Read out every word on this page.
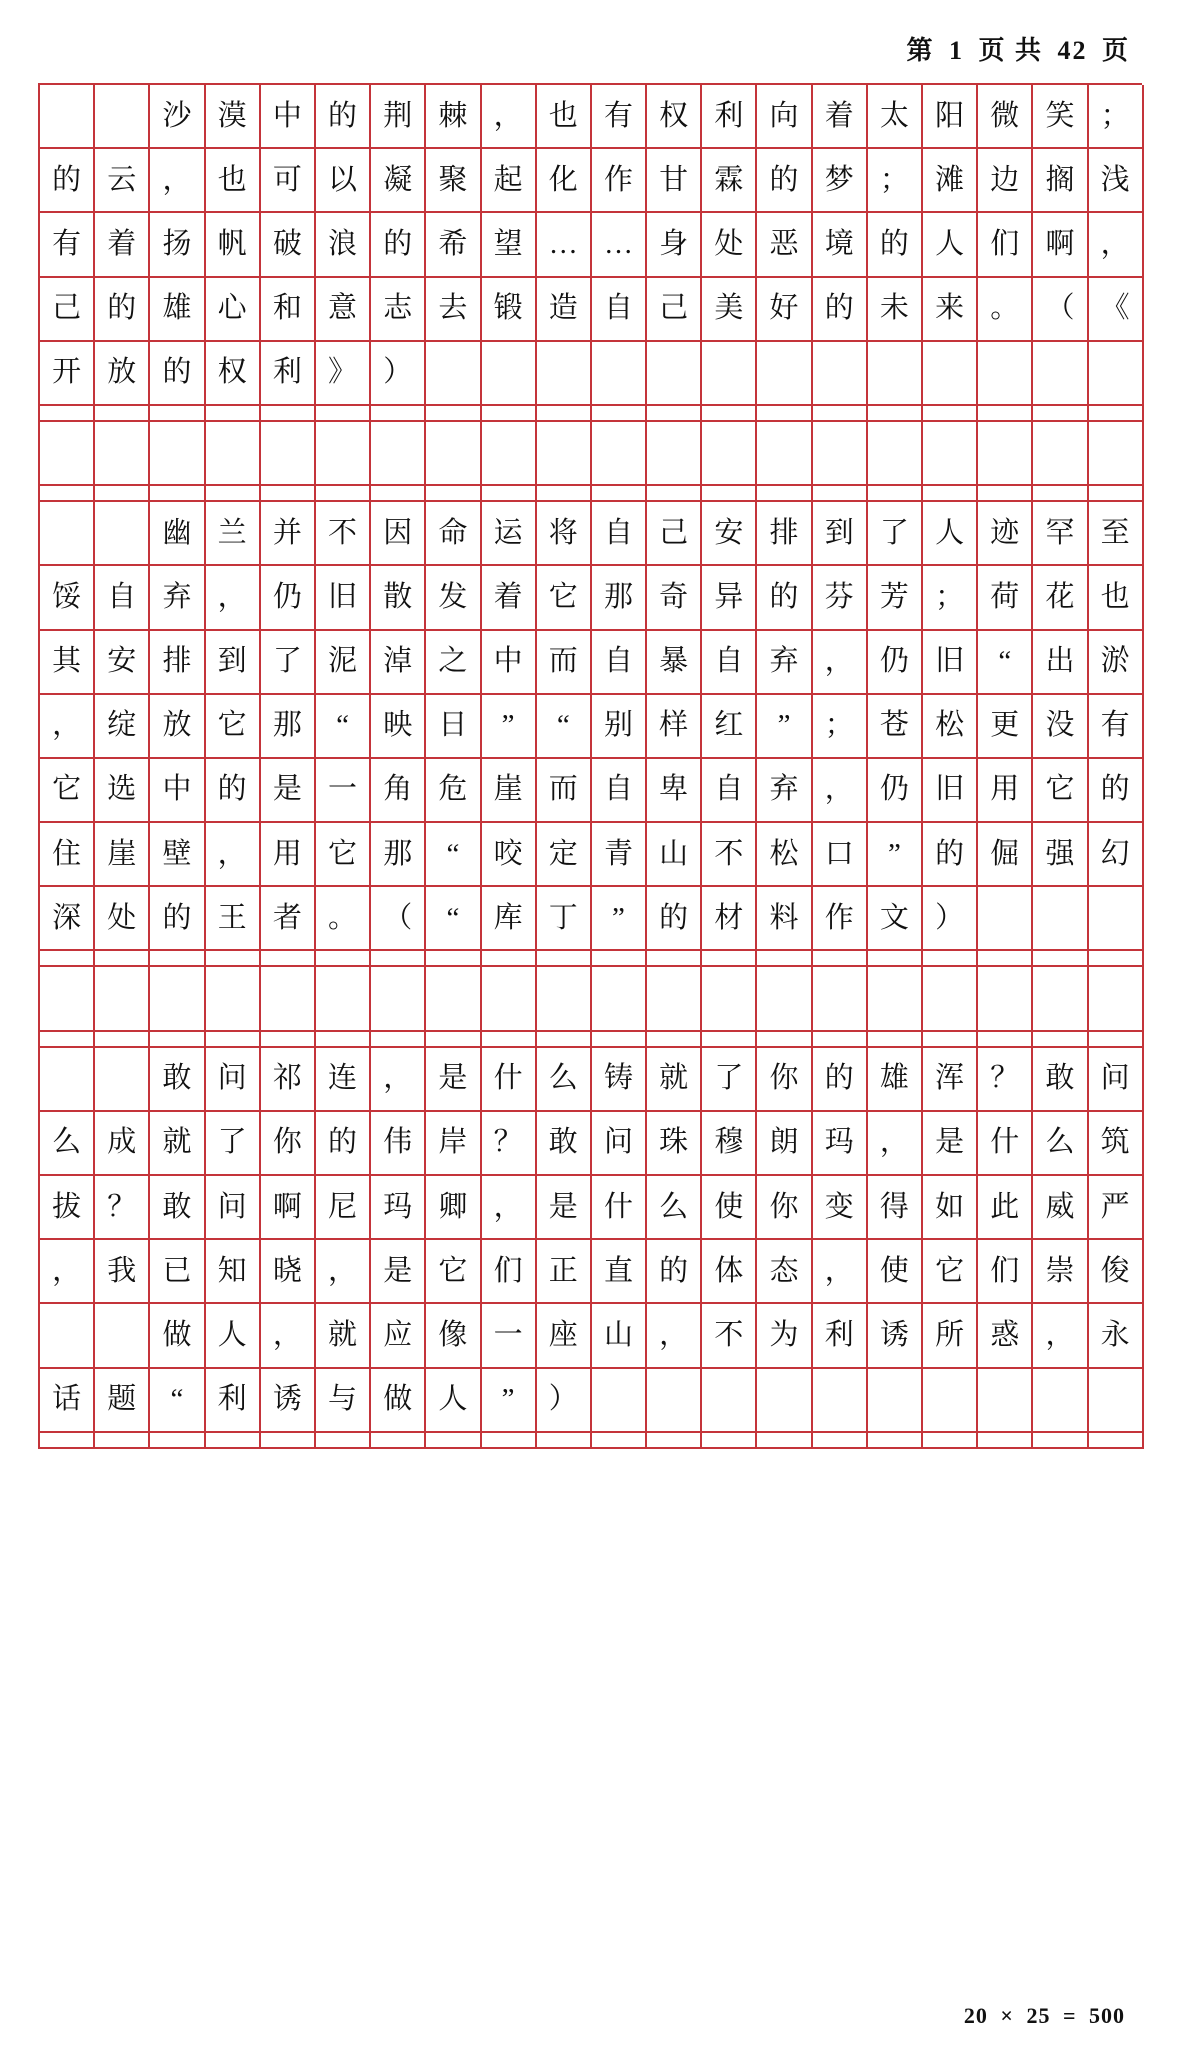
第 1 页 共 42 页
沙 漠 中 的 荆 棘 ， 也 有 权 利 向 着 太 阳 微 笑 ；
的 云 ， 也 可 以 凝 聚 起 化 作 甘 霖 的 梦 ； 滩 边 搁 浅
有 着 扬 帆 破 浪 的 希 望 … … 身 处 恶 境 的 人 们 啊 ，
己 的 雄 心 和 意 志 去 锻 造 自 己 美 好 的 未 来 。 （ 《
开 放 的 权 利 》 ）
幽 兰 并 不 因 命 运 将 自 己 安 排 到 了 人 迹 罕 至
馁 自 弃 ， 仍 旧 散 发 着 它 那 奇 异 的 芬 芳 ； 荷 花 也
其 安 排 到 了 泥 淖 之 中 而 自 暴 自 弃 ， 仍 旧	“	出 淤
， 绽 放 它 那	“	映 日	”	“	别 样 红	”	； 苍 松 更 没 有
它 选 中 的 是 一 角 危 崖 而 自 卑 自 弃 ， 仍 旧 用 它 的
住 崖 壁 ， 用 它 那	“	咬 定 青 山 不 松 口	”	的 倔 强 幻
深 处 的 王 者 。 （	“	库 丁	”	的 材 料 作 文 ）
敢 问 祁 连 ， 是 什 么 铸 就 了 你 的 雄 浑 ？ 敢 问
么 成 就 了 你 的 伟 岸 ？ 敢 问 珠 穆 朗 玛 ， 是 什 么 筑
拔 ？ 敢 问 啊 尼 玛 卿 ， 是 什 么 使 你 变 得 如 此 威 严
， 我 已 知 晓 ， 是 它 们 正 直 的 体 态 ， 使 它 们 崇 俊
做 人 ， 就 应 像 一 座 山 ， 不 为 利 诱 所 惑 ， 永
话 题	“	利 诱 与 做 人	”	）
20 × 25 = 500
